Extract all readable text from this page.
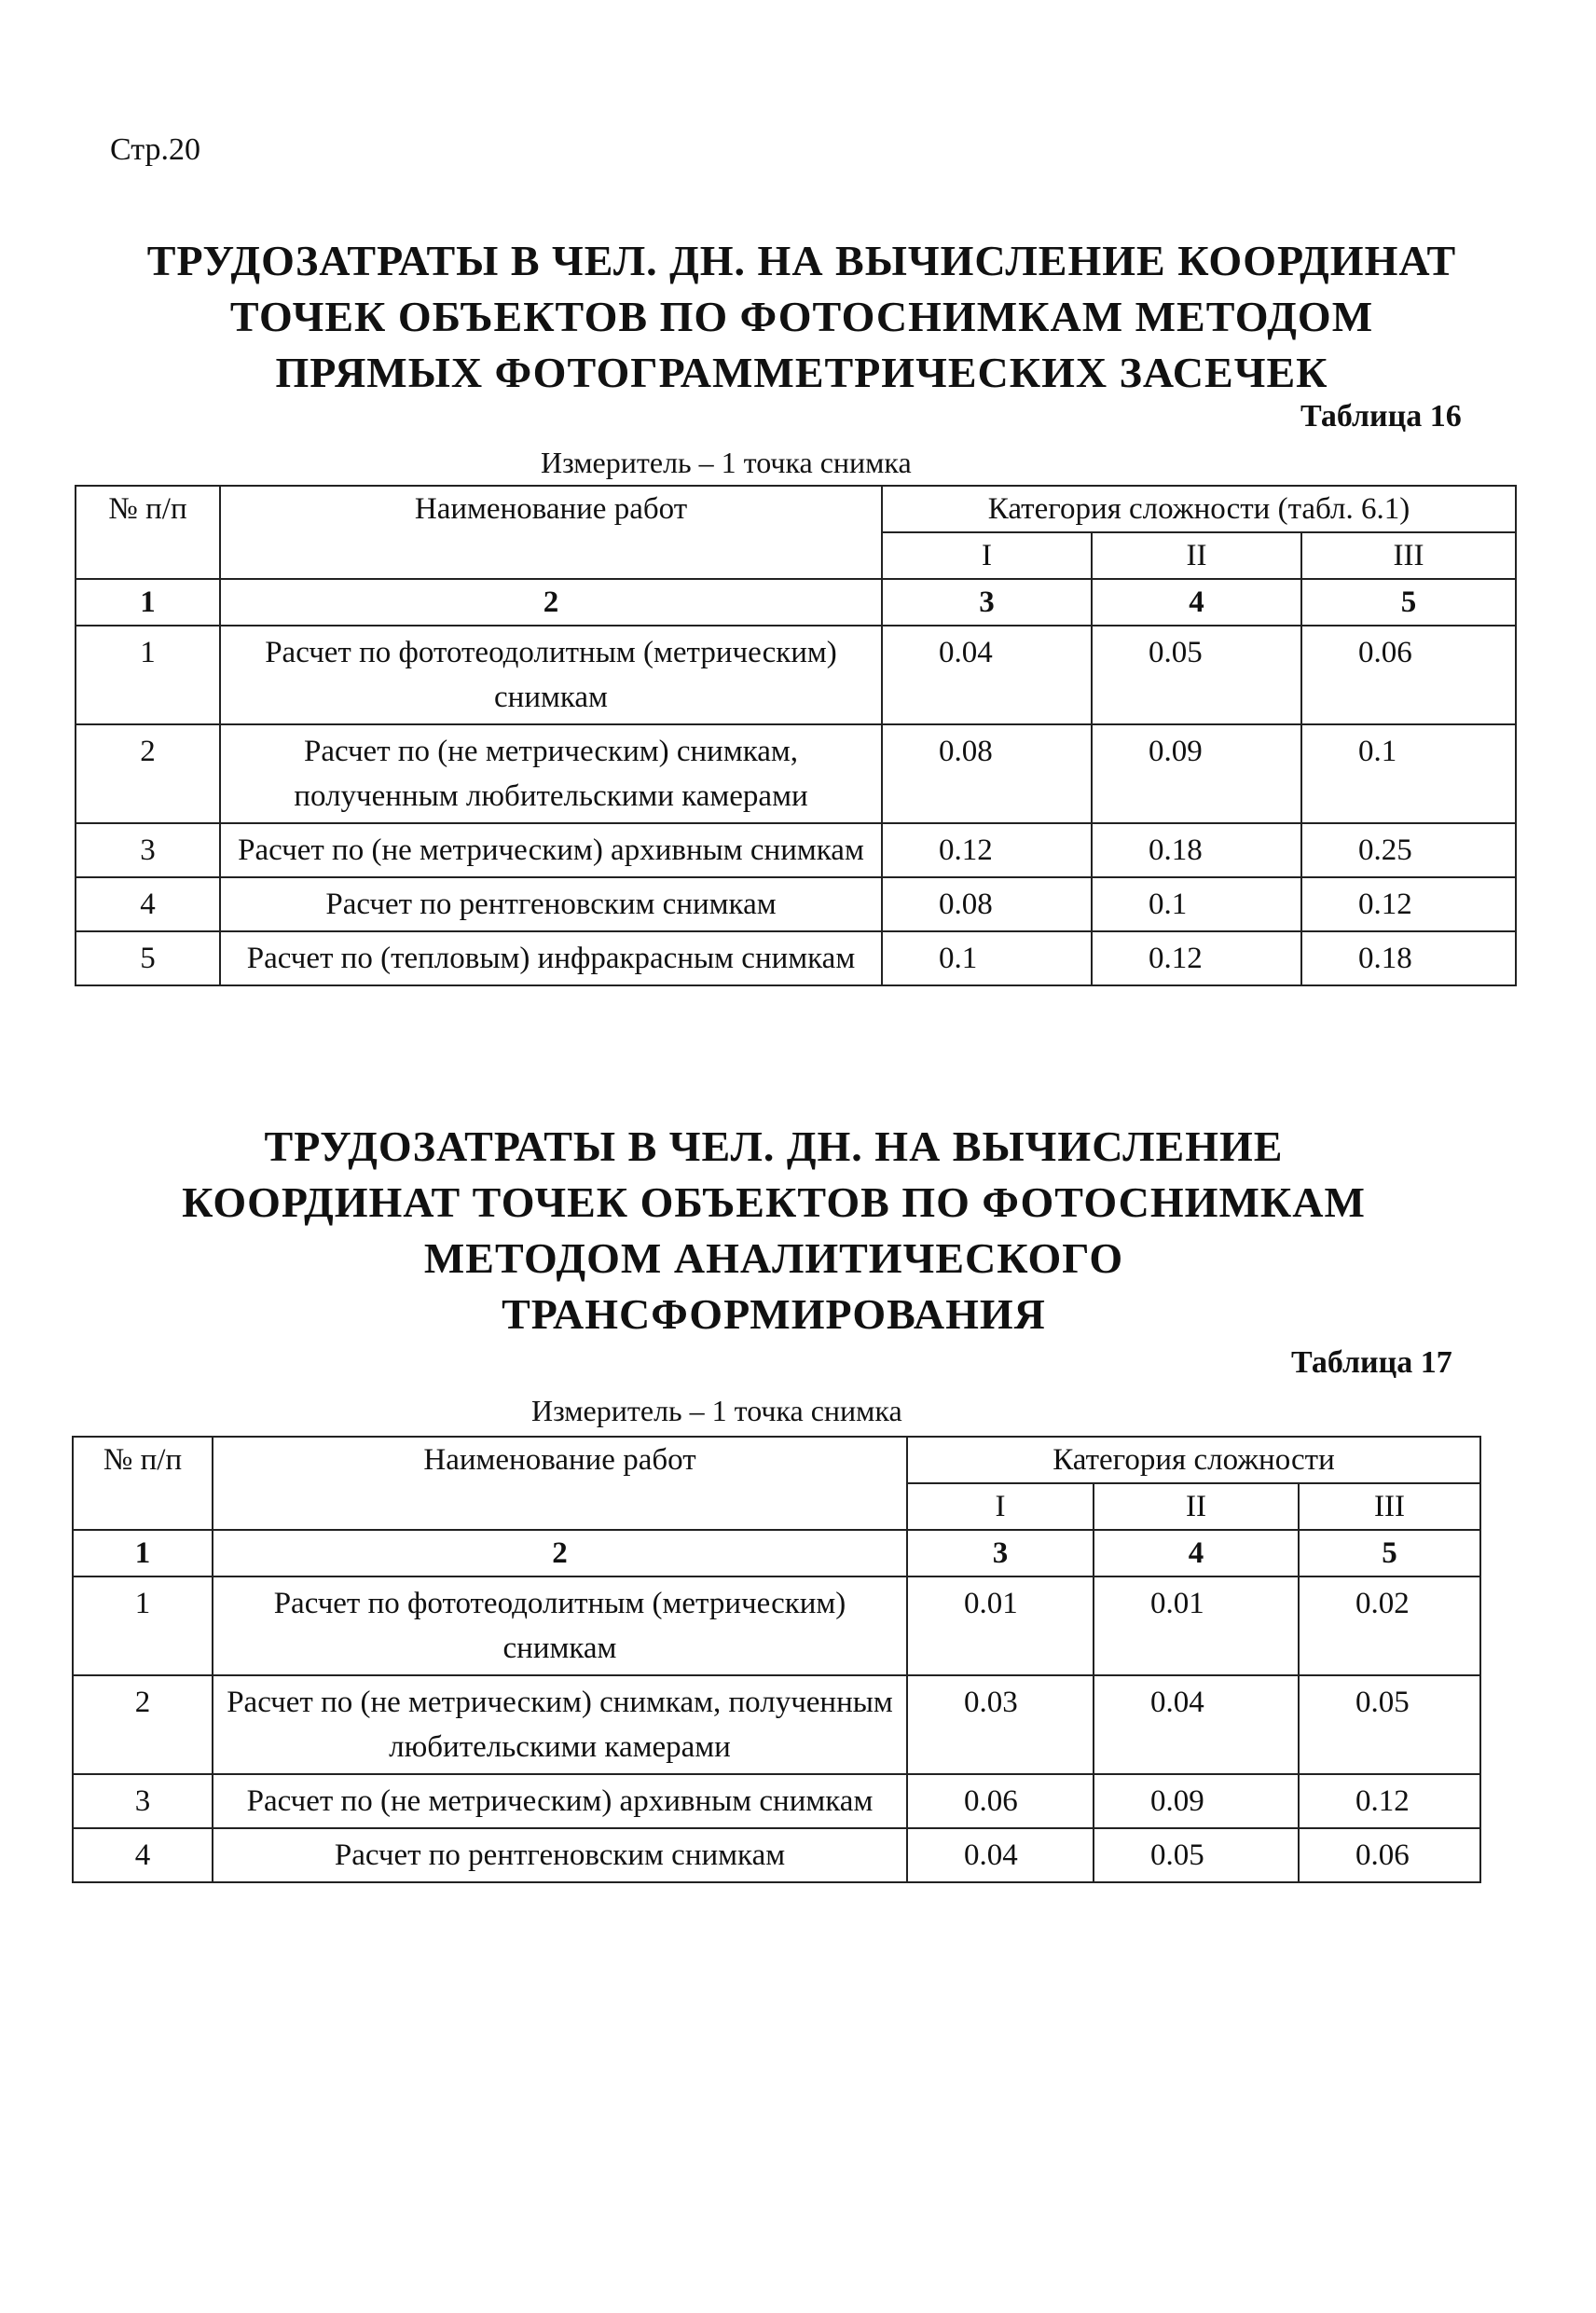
Стр.20
ТРУДОЗАТРАТЫ В ЧЕЛ. ДН. НА ВЫЧИСЛЕНИЕ КООРДИНАТ
ТОЧЕК ОБЪЕКТОВ ПО ФОТОСНИМКАМ МЕТОДОМ
ПРЯМЫХ ФОТОГРАММЕТРИЧЕСКИХ ЗАСЕЧЕК
Таблица 16
Измеритель – 1 точка снимка
№ п/п	Наименование работ	Категория сложности (табл. 6.1)		
		I	II	III
1	2	3	4	5
1	Расчет по фототеодолитным (метрическим) снимкам	0.04	0.05	0.06
2	Расчет по (не метрическим) снимкам, полученным любительскими камерами	0.08	0.09	0.1
3	Расчет по (не метрическим) архивным снимкам	0.12	0.18	0.25
4	Расчет по рентгеновским снимкам	0.08	0.1	0.12
5	Расчет по (тепловым) инфракрасным снимкам	0.1	0.12	0.18
ТРУДОЗАТРАТЫ В ЧЕЛ. ДН. НА ВЫЧИСЛЕНИЕ
КООРДИНАТ ТОЧЕК ОБЪЕКТОВ ПО ФОТОСНИМКАМ
МЕТОДОМ АНАЛИТИЧЕСКОГО
ТРАНСФОРМИРОВАНИЯ
Таблица 17
Измеритель – 1 точка снимка
№ п/п	Наименование работ	Категория сложности		
		I	II	III
1	2	3	4	5
1	Расчет по фототеодолитным (метрическим) снимкам	0.01	0.01	0.02
2	Расчет по (не метрическим) снимкам, полученным любительскими камерами	0.03	0.04	0.05
3	Расчет по (не метрическим) архивным снимкам	0.06	0.09	0.12
4	Расчет по рентгеновским снимкам	0.04	0.05	0.06
